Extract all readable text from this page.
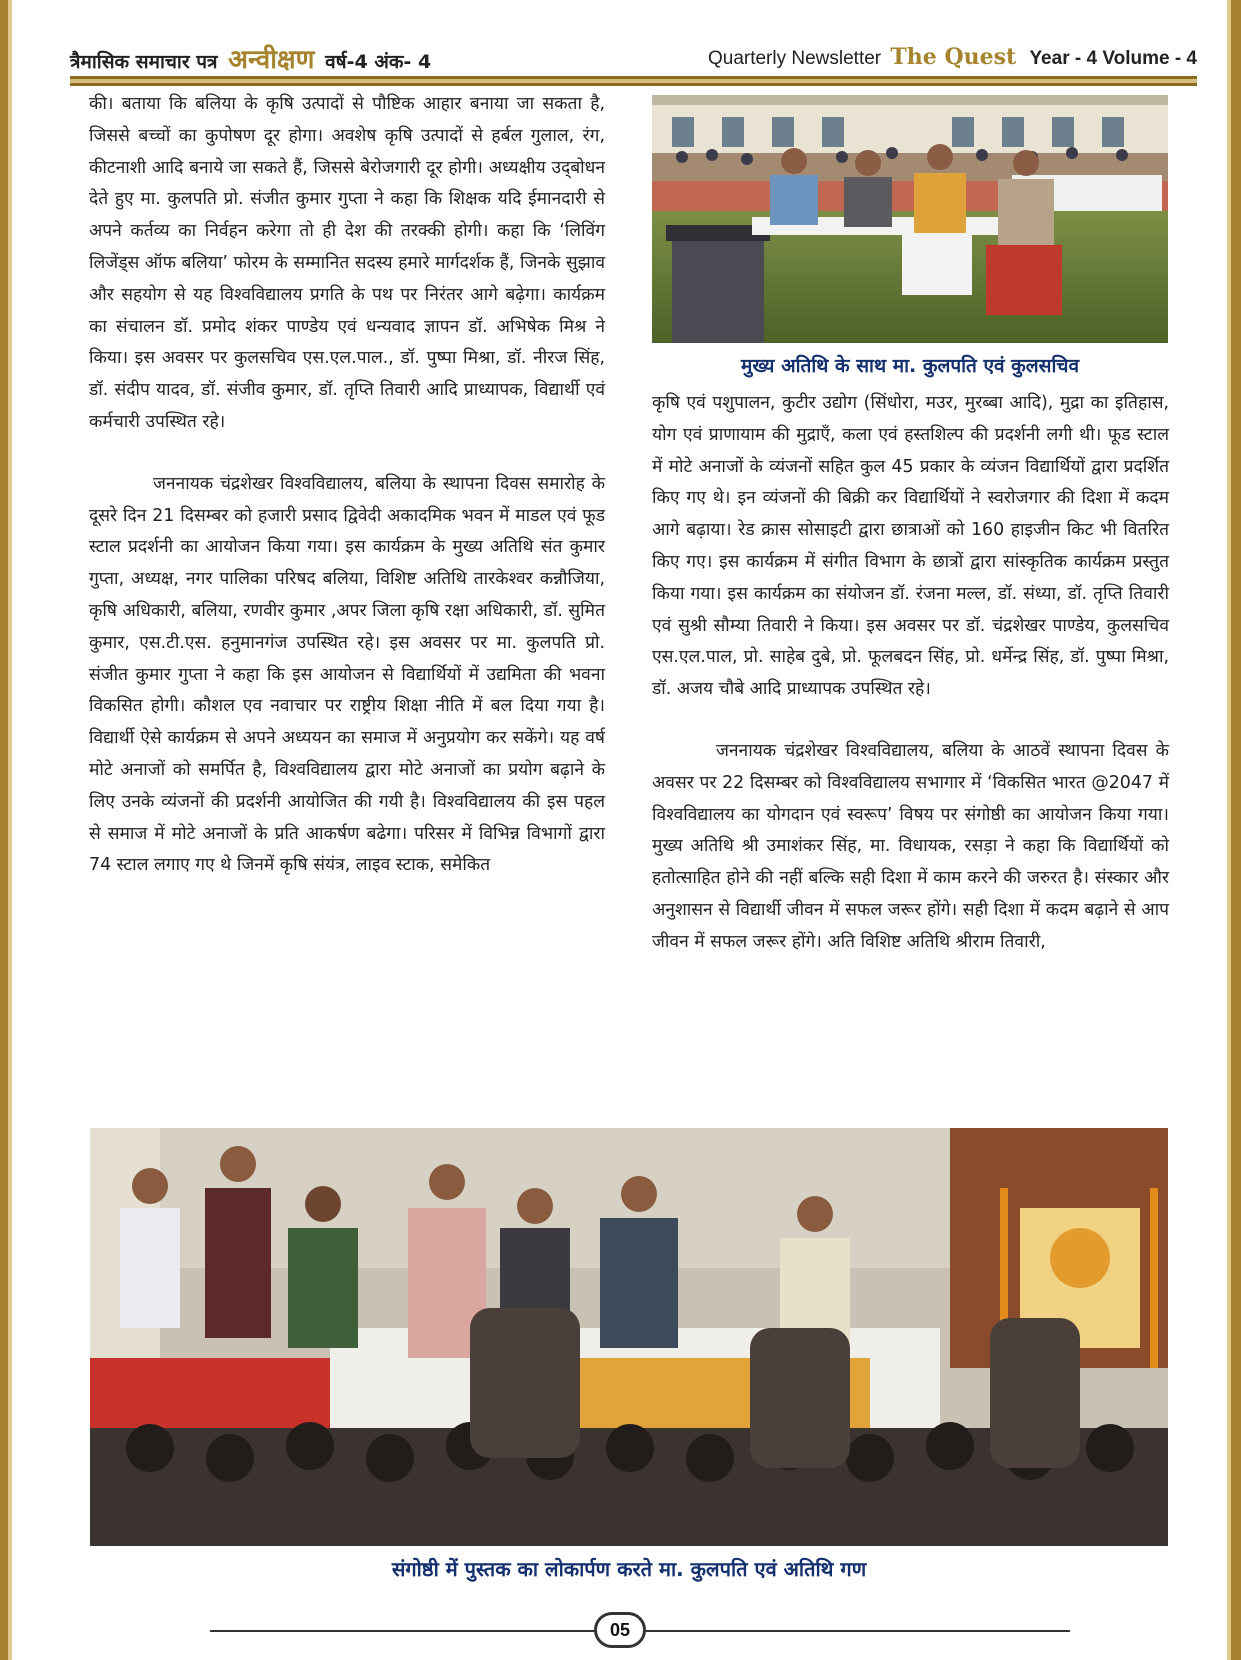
त्रैमासिक समाचार पत्र अन्वीक्षण वर्ष-4 अंक- 4	Quarterly Newsletter The Quest Year - 4 Volume - 4

की। बताया कि बलिया के कृषि उत्पादों से पौष्टिक आहार बनाया जा सकता है, जिससे बच्चों का कुपोषण दूर होगा। अवशेष कृषि उत्पादों से हर्बल गुलाल, रंग, कीटनाशी आदि बनाये जा सकते हैं, जिससे बेरोजगारी दूर होगी। अध्यक्षीय उद्‌बोधन देते हुए मा. कुलपति प्रो. संजीत कुमार गुप्ता ने कहा कि शिक्षक यदि ईमानदारी से अपने कर्तव्य का निर्वहन करेगा तो ही देश की तरक्की होगी। कहा कि ‘लिविंग लिजेंड्स ऑफ बलिया’ फोरम के सम्मानित सदस्य हमारे मार्गदर्शक हैं, जिनके सुझाव और सहयोग से यह विश्वविद्यालय प्रगति के पथ पर निरंतर आगे बढ़ेगा। कार्यक्रम का संचालन डॉ. प्रमोद शंकर पाण्डेय एवं धन्यवाद ज्ञापन डॉ. अभिषेक मिश्र ने किया। इस अवसर पर कुलसचिव एस.एल.पाल., डॉ. पुष्पा मिश्रा, डॉ. नीरज सिंह, डॉ. संदीप यादव, डॉ. संजीव कुमार, डॉ. तृप्ति तिवारी आदि प्राध्यापक, विद्यार्थी एवं कर्मचारी उपस्थित रहे।

जननायक चंद्रशेखर विश्वविद्यालय, बलिया के स्थापना दिवस समारोह के दूसरे दिन 21 दिसम्बर को हजारी प्रसाद द्विवेदी अकादमिक भवन में माडल एवं फूड स्टाल प्रदर्शनी का आयोजन किया गया। इस कार्यक्रम के मुख्य अतिथि संत कुमार गुप्ता, अध्यक्ष, नगर पालिका परिषद बलिया, विशिष्ट अतिथि तारकेश्वर कन्नौजिया, कृषि अधिकारी, बलिया, रणवीर कुमार ,अपर जिला कृषि रक्षा अधिकारी, डॉ. सुमित कुमार, एस.टी.एस. हनुमानगंज उपस्थित रहे। इस अवसर पर मा. कुलपति प्रो. संजीत कुमार गुप्ता ने कहा कि इस आयोजन से विद्यार्थियों में उद्यमिता की भवना विकसित होगी। कौशल एव नवाचार पर राष्ट्रीय शिक्षा नीति में बल दिया गया है। विद्यार्थी ऐसे कार्यक्रम से अपने अध्ययन का समाज में अनुप्रयोग कर सकेंगे। यह वर्ष मोटे अनाजों को समर्पित है, विश्वविद्यालय द्वारा मोटे अनाजों का प्रयोग बढ़ाने के लिए उनके व्यंजनों की प्रदर्शनी आयोजित की गयी है। विश्वविद्यालय की इस पहल से समाज में मोटे अनाजों के प्रति आकर्षण बढेगा। परिसर में विभिन्न विभागों द्वारा 74 स्टाल लगाए गए थे जिनमें कृषि संयंत्र, लाइव स्टाक, समेकित

मुख्य अतिथि के साथ मा. कुलपति एवं कुलसचिव

कृषि एवं पशुपालन, कुटीर उद्योग (सिंधोरा, मउर, मुरब्बा आदि), मुद्रा का इतिहास, योग एवं प्राणायाम की मुद्राएँ, कला एवं हस्तशिल्प की प्रदर्शनी लगी थी। फूड स्टाल में मोटे अनाजों के व्यंजनों सहित कुल 45 प्रकार के व्यंजन विद्यार्थियों द्वारा प्रदर्शित किए गए थे। इन व्यंजनों की बिक्री कर विद्यार्थियों ने स्वरोजगार की दिशा में कदम आगे बढ़ाया। रेड क्रास सोसाइटी द्वारा छात्राओं को 160 हाइजीन किट भी वितरित किए गए। इस कार्यक्रम में संगीत विभाग के छात्रों द्वारा सांस्कृतिक कार्यक्रम प्रस्तुत किया गया। इस कार्यक्रम का संयोजन डॉ. रंजना मल्ल, डॉ. संध्या, डॉ. तृप्ति तिवारी एवं सुश्री सौम्या तिवारी ने किया। इस अवसर पर डॉ. चंद्रशेखर पाण्डेय, कुलसचिव एस.एल.पाल, प्रो. साहेब दुबे, प्रो. फूलबदन सिंह, प्रो. धर्मेन्द्र सिंह, डॉ. पुष्पा मिश्रा, डॉ. अजय चौबे आदि प्राध्यापक उपस्थित रहे।

जननायक चंद्रशेखर विश्वविद्यालय, बलिया के आठवें स्थापना दिवस के अवसर पर 22 दिसम्बर को विश्वविद्यालय सभागार में ‘विकसित भारत @2047 में विश्वविद्यालय का योगदान एवं स्वरूप’ विषय पर संगोष्ठी का आयोजन किया गया। मुख्य अतिथि श्री उमाशंकर सिंह, मा. विधायक, रसड़ा ने कहा कि विद्यार्थियों को हतोत्साहित होने की नहीं बल्कि सही दिशा में काम करने की जरुरत है। संस्कार और अनुशासन से विद्यार्थी जीवन में सफल जरूर होंगे। सही दिशा में कदम बढ़ाने से आप जीवन में सफल जरूर होंगे। अति विशिष्ट अतिथि श्रीराम तिवारी,

संगोष्ठी में पुस्तक का लोकार्पण करते मा. कुलपति एवं अतिथि गण
05
